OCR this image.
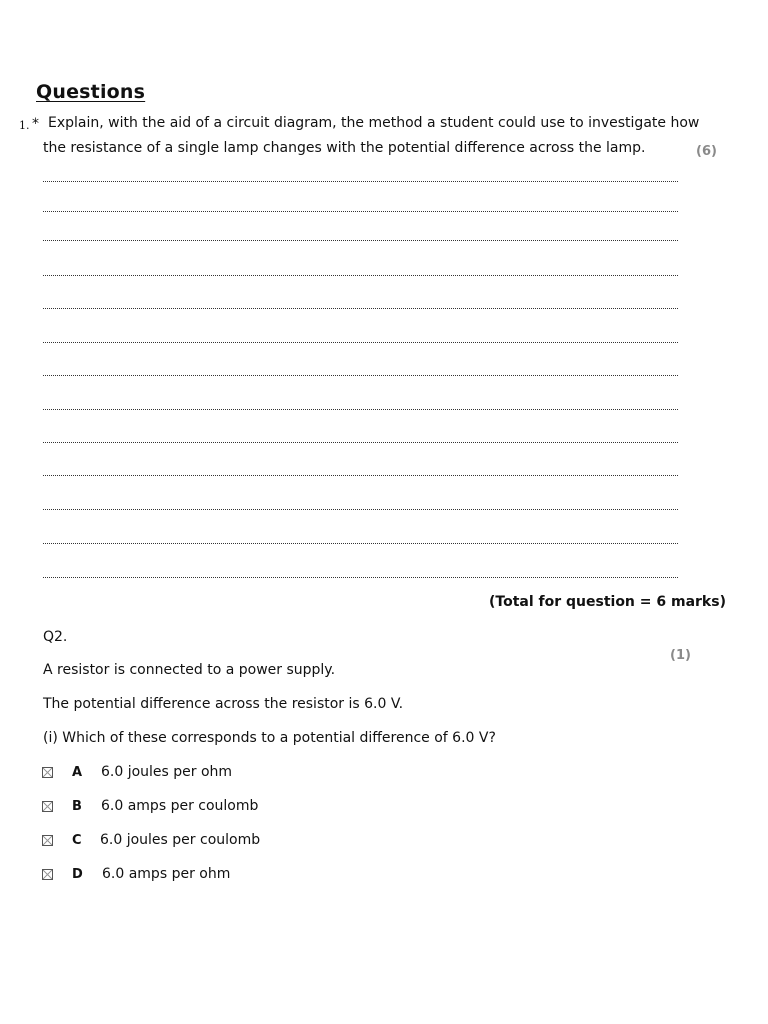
Questions
1. * Explain, with the aid of a circuit diagram, the method a student could use to investigate how
the resistance of a single lamp changes with the potential difference across the lamp.	(6)
(Total for question = 6 marks)
Q2.
(1)
A resistor is connected to a power supply.
The potential difference across the resistor is 6.0 V.
(i) Which of these corresponds to a potential difference of 6.0 V?
A 6.0 joules per ohm
B 6.0 amps per coulomb
C 6.0 joules per coulomb
D 6.0 amps per ohm
